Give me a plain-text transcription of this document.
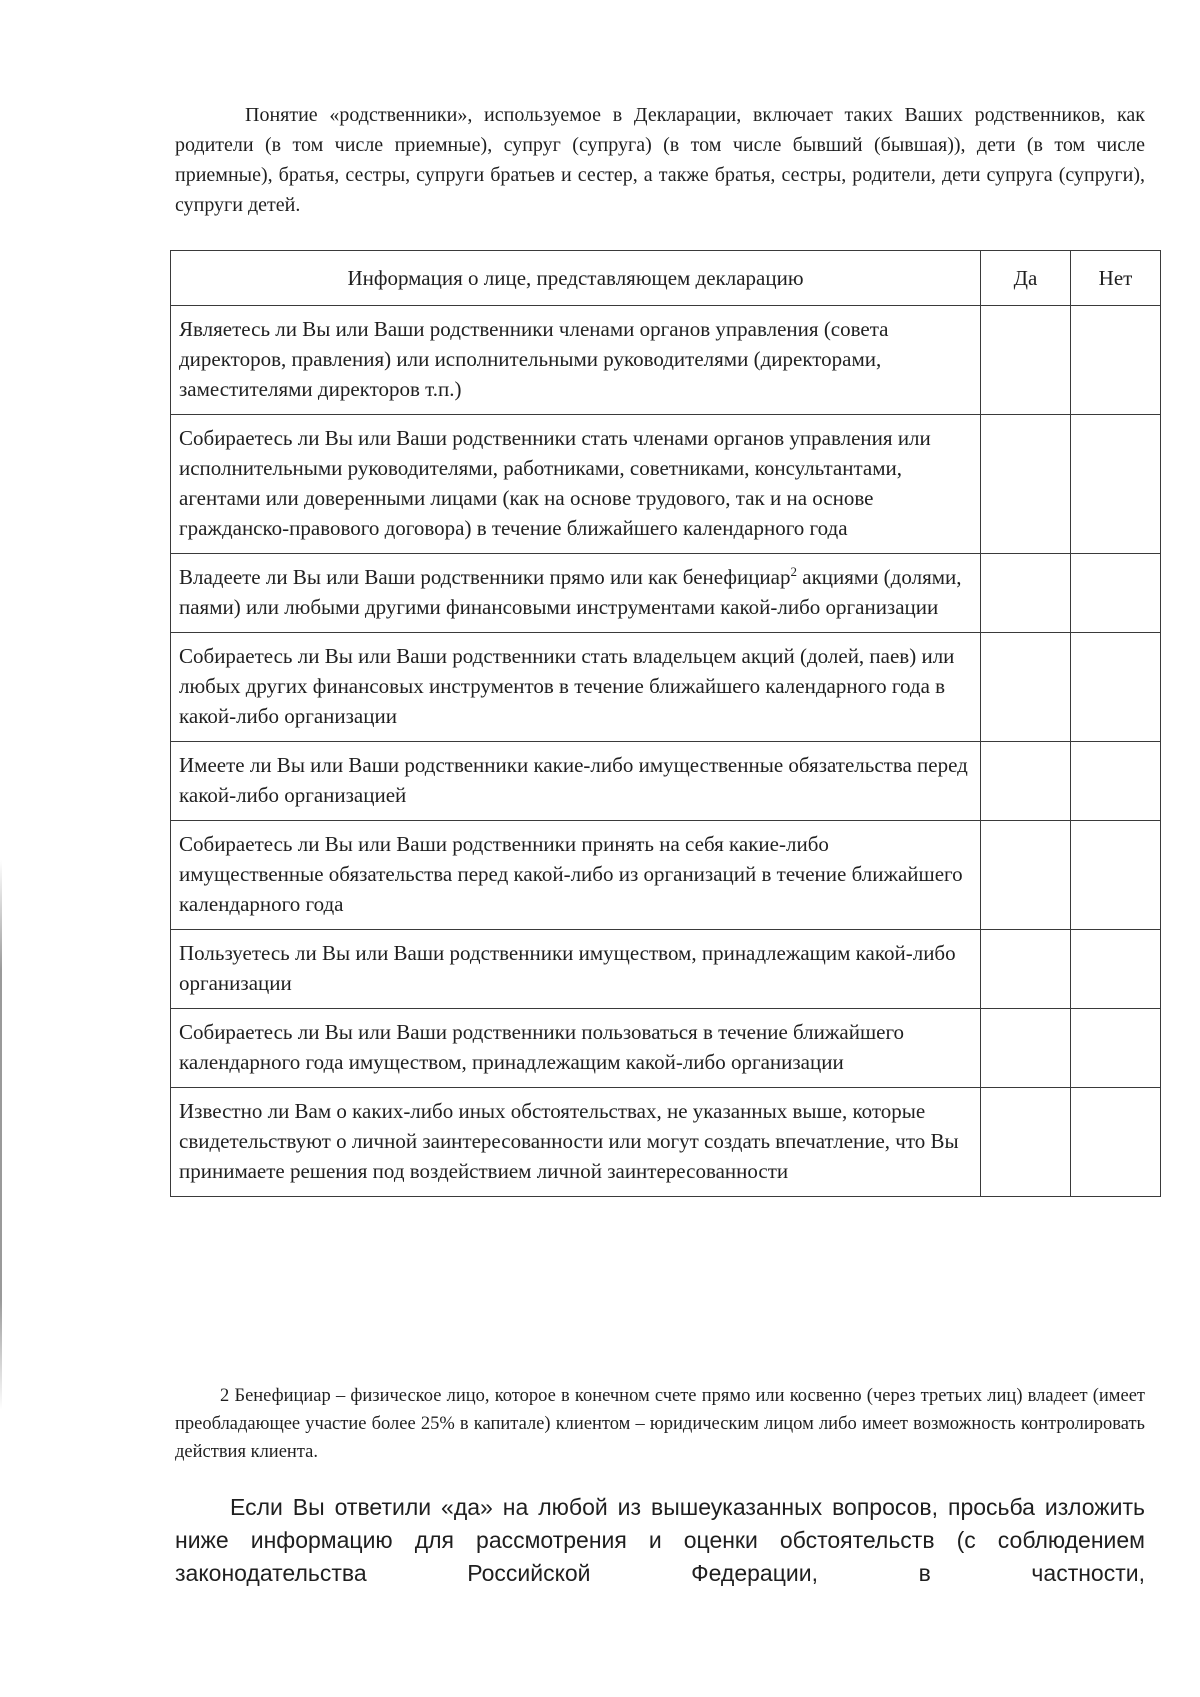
Понятие «родственники», используемое в Декларации, включает таких Ваших родственников, как родители (в том числе приемные), супруг (супруга) (в том числе бывший (бывшая)), дети (в том числе приемные), братья, сестры, супруги братьев и сестер, а также братья, сестры, родители, дети супруга (супруги), супруги детей.

Информация о лице, представляющем декларацию	Да	Нет
Являетесь ли Вы или Ваши родственники членами органов управления (совета директоров, правления) или исполнительными руководителями (директорами, заместителями директоров т.п.)		
Собираетесь ли Вы или Ваши родственники стать членами органов управления или исполнительными руководителями, работниками, советниками, консультантами, агентами или доверенными лицами (как на основе трудового, так и на основе гражданско-правового договора) в течение ближайшего календарного года		
Владеете ли Вы или Ваши родственники прямо или как бенефициар$^2$ акциями (долями, паями) или любыми другими финансовыми инструментами какой-либо организации		
Собираетесь ли Вы или Ваши родственники стать владельцем акций (долей, паев) или любых других финансовых инструментов в течение ближайшего календарного года в какой-либо организации		
Имеете ли Вы или Ваши родственники какие-либо имущественные обязательства перед какой-либо организацией		
Собираетесь ли Вы или Ваши родственники принять на себя какие-либо имущественные обязательства перед какой-либо из организаций в течение ближайшего календарного года		
Пользуетесь ли Вы или Ваши родственники имуществом, принадлежащим какой-либо организации		
Собираетесь ли Вы или Ваши родственники пользоваться в течение ближайшего календарного года имуществом, принадлежащим какой-либо организации		
Известно ли Вам о каких-либо иных обстоятельствах, не указанных выше, которые свидетельствуют о личной заинтересованности или могут создать впечатление, что Вы принимаете решения под воздействием личной заинтересованности		

2 Бенефициар – физическое лицо, которое в конечном счете прямо или косвенно (через третьих лиц) владеет (имеет преобладающее участие более 25% в капитале) клиентом – юридическим лицом либо имеет возможность контролировать действия клиента.

Если Вы ответили «да» на любой из вышеуказанных вопросов, просьба изложить ниже информацию для рассмотрения и оценки обстоятельств (с соблюдением законодательства Российской Федерации, в частности,
